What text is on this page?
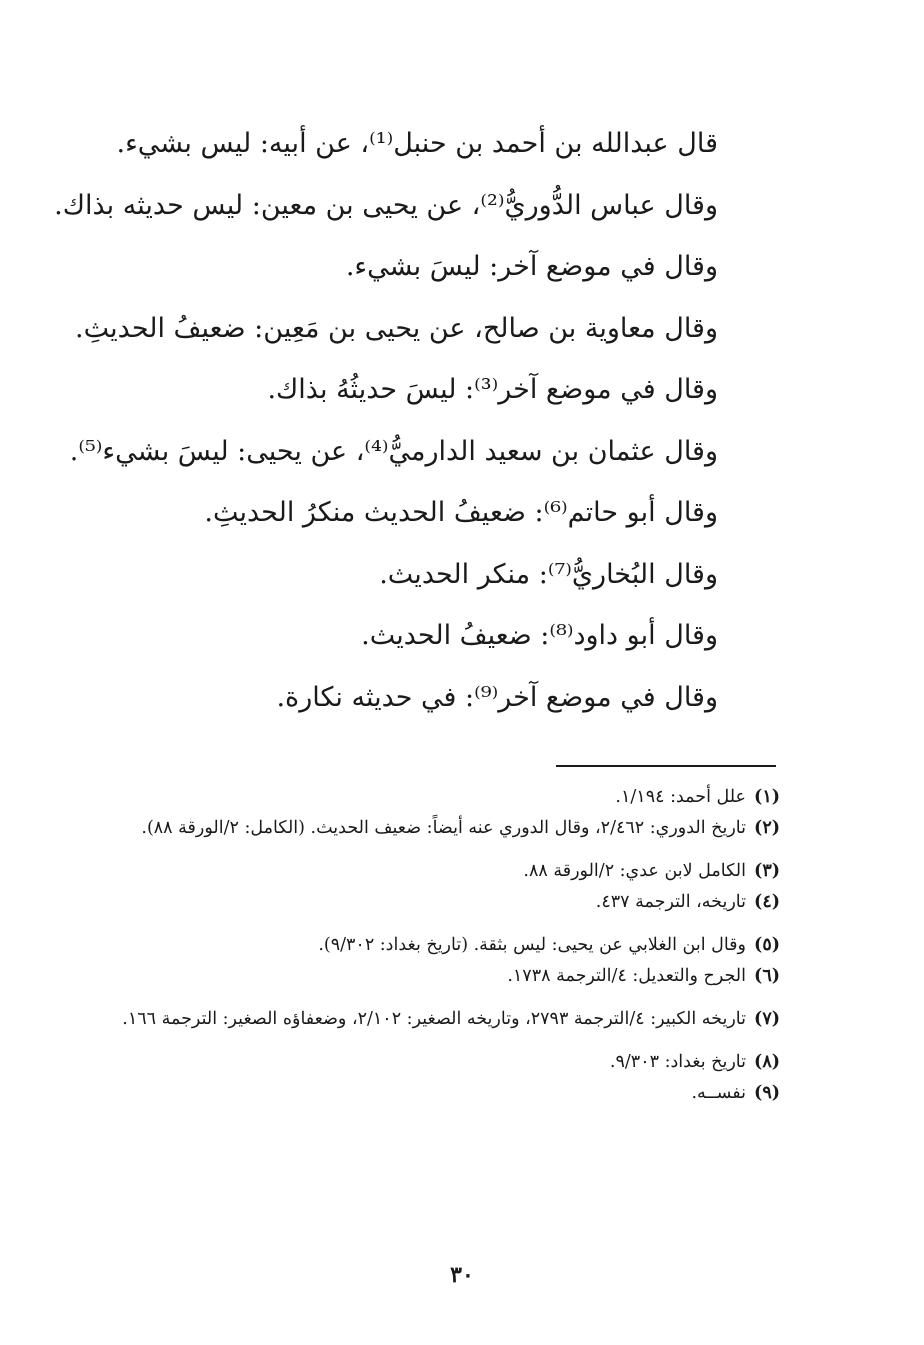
قال عبدالله بن أحمد بن حنبل⁽¹⁾، عن أبيه: ليس بشيء.
وقال عباس الدُّوريُّ⁽²⁾، عن يحيى بن معين: ليس حديثه بذاك.
وقال في موضع آخر: ليسَ بشيء.
وقال معاوية بن صالح، عن يحيى بن مَعِين: ضعيفُ الحديثِ.
وقال في موضع آخر⁽³⁾: ليسَ حديثُهُ بذاك.
وقال عثمان بن سعيد الدارميُّ⁽⁴⁾، عن يحيى: ليسَ بشيء⁽⁵⁾.
وقال أبو حاتم⁽⁶⁾: ضعيفُ الحديث منكرُ الحديثِ.
وقال البُخاريُّ⁽⁷⁾: منكر الحديث.
وقال أبو داود⁽⁸⁾: ضعيفُ الحديث.
وقال في موضع آخر⁽⁹⁾: في حديثه نكارة.
(١)
علل أحمد: ١/١٩٤.
(٢)
تاريخ الدوري: ٢/٤٦٢، وقال الدوري عنه أيضاً: ضعيف الحديث. (الكامل: ٢/الورقة ٨٨).
(٣)
الكامل لابن عدي: ٢/الورقة ٨٨.
(٤)
تاريخه، الترجمة ٤٣٧.
(٥)
وقال ابن الغلابي عن يحيى: ليس بثقة. (تاريخ بغداد: ٩/٣٠٢).
(٦)
الجرح والتعديل: ٤/الترجمة ١٧٣٨.
(٧)
تاريخه الكبير: ٤/الترجمة ٢٧٩٣، وتاريخه الصغير: ٢/١٠٢، وضعفاؤه الصغير: الترجمة ١٦٦.
(٨)
تاريخ بغداد: ٩/٣٠٣.
(٩)
نفســه.
٣٠
